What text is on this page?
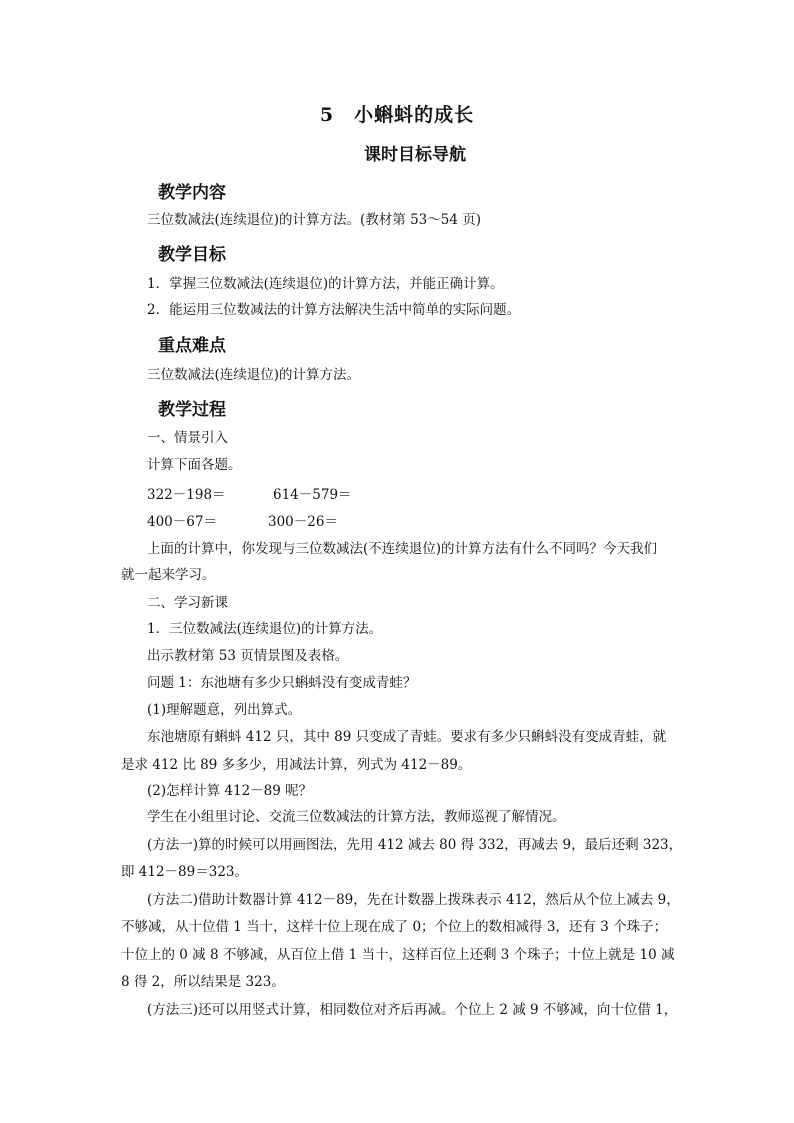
5　小蝌蚪的成长
课时目标导航
教学内容
三位数减法(连续退位)的计算方法。(教材第 53～54 页)
教学目标
1．掌握三位数减法(连续退位)的计算方法，并能正确计算。
2．能运用三位数减法的计算方法解决生活中简单的实际问题。
重点难点
三位数减法(连续退位)的计算方法。
教学过程
一、情景引入
计算下面各题。
322－198＝	614－579＝
400－67＝	300－26＝
上面的计算中，你发现与三位数减法(不连续退位)的计算方法有什么不同吗？今天我们
就一起来学习。
二、学习新课
1．三位数减法(连续退位)的计算方法。
出示教材第 53 页情景图及表格。
问题 1：东池塘有多少只蝌蚪没有变成青蛙？
(1)理解题意，列出算式。
东池塘原有蝌蚪 412 只，其中 89 只变成了青蛙。要求有多少只蝌蚪没有变成青蛙，就
是求 412 比 89 多多少，用减法计算，列式为 412－89。
(2)怎样计算 412－89 呢？
学生在小组里讨论、交流三位数减法的计算方法，教师巡视了解情况。
(方法一)算的时候可以用画图法，先用 412 减去 80 得 332，再减去 9，最后还剩 323，
即 412－89＝323。
(方法二)借助计数器计算 412－89，先在计数器上拨珠表示 412，然后从个位上减去 9，
不够减，从十位借 1 当十，这样十位上现在成了 0；个位上的数相减得 3，还有 3 个珠子；
十位上的 0 减 8 不够减，从百位上借 1 当十，这样百位上还剩 3 个珠子；十位上就是 10 减
8 得 2，所以结果是 323。
(方法三)还可以用竖式计算，相同数位对齐后再减。个位上 2 减 9 不够减，向十位借 1，
